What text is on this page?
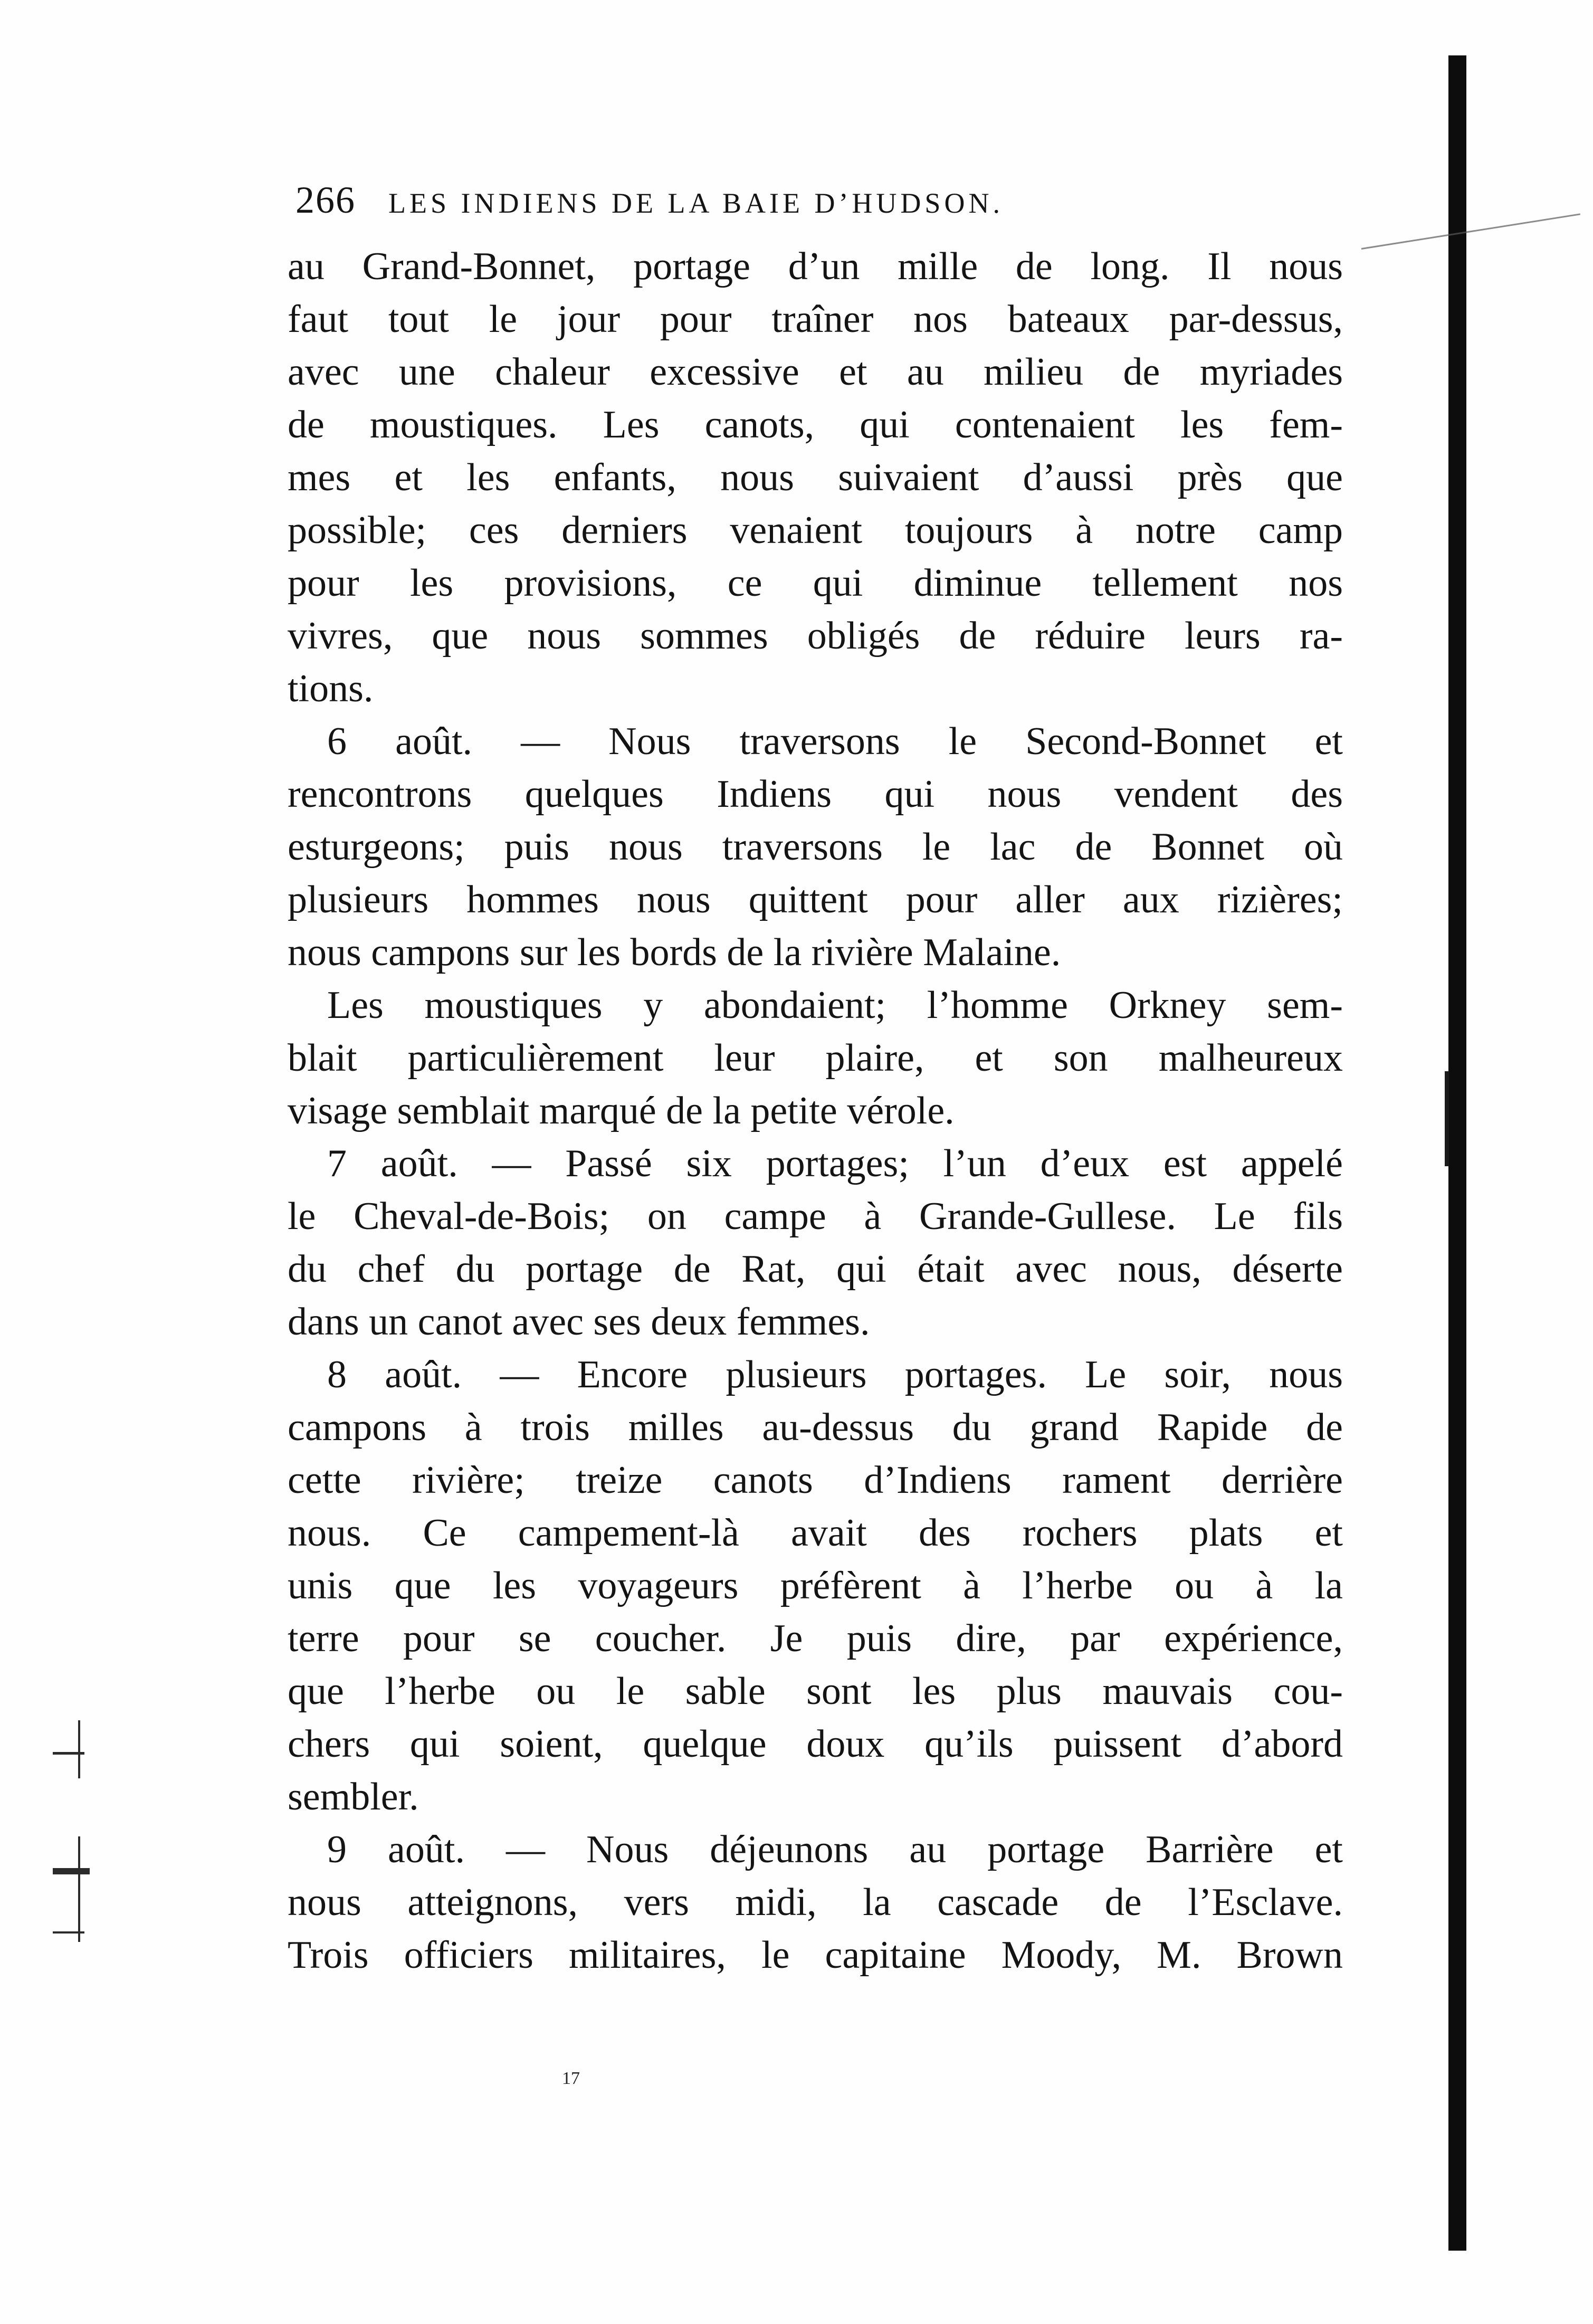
266 LES INDIENS DE LA BAIE D’HUDSON.
au Grand-Bonnet, portage d’un mille de long. Il nous
faut tout le jour pour traîner nos bateaux par-dessus,
avec une chaleur excessive et au milieu de myriades
de moustiques. Les canots, qui contenaient les fem-
mes et les enfants, nous suivaient d’aussi près que
possible; ces derniers venaient toujours à notre camp
pour les provisions, ce qui diminue tellement nos
vivres, que nous sommes obligés de réduire leurs ra-
tions.
6 août. — Nous traversons le Second-Bonnet et
rencontrons quelques Indiens qui nous vendent des
esturgeons; puis nous traversons le lac de Bonnet où
plusieurs hommes nous quittent pour aller aux rizières;
nous campons sur les bords de la rivière Malaine.
Les moustiques y abondaient; l’homme Orkney sem-
blait particulièrement leur plaire, et son malheureux
visage semblait marqué de la petite vérole.
7 août. — Passé six portages; l’un d’eux est appelé
le Cheval-de-Bois; on campe à Grande-Gullese. Le fils
du chef du portage de Rat, qui était avec nous, déserte
dans un canot avec ses deux femmes.
8 août. — Encore plusieurs portages. Le soir, nous
campons à trois milles au-dessus du grand Rapide de
cette rivière; treize canots d’Indiens rament derrière
nous. Ce campement-là avait des rochers plats et
unis que les voyageurs préfèrent à l’herbe ou à la
terre pour se coucher. Je puis dire, par expérience,
que l’herbe ou le sable sont les plus mauvais cou-
chers qui soient, quelque doux qu’ils puissent d’abord
sembler.
9 août. — Nous déjeunons au portage Barrière et
nous atteignons, vers midi, la cascade de l’Esclave.
Trois officiers militaires, le capitaine Moody, M. Brown
17
